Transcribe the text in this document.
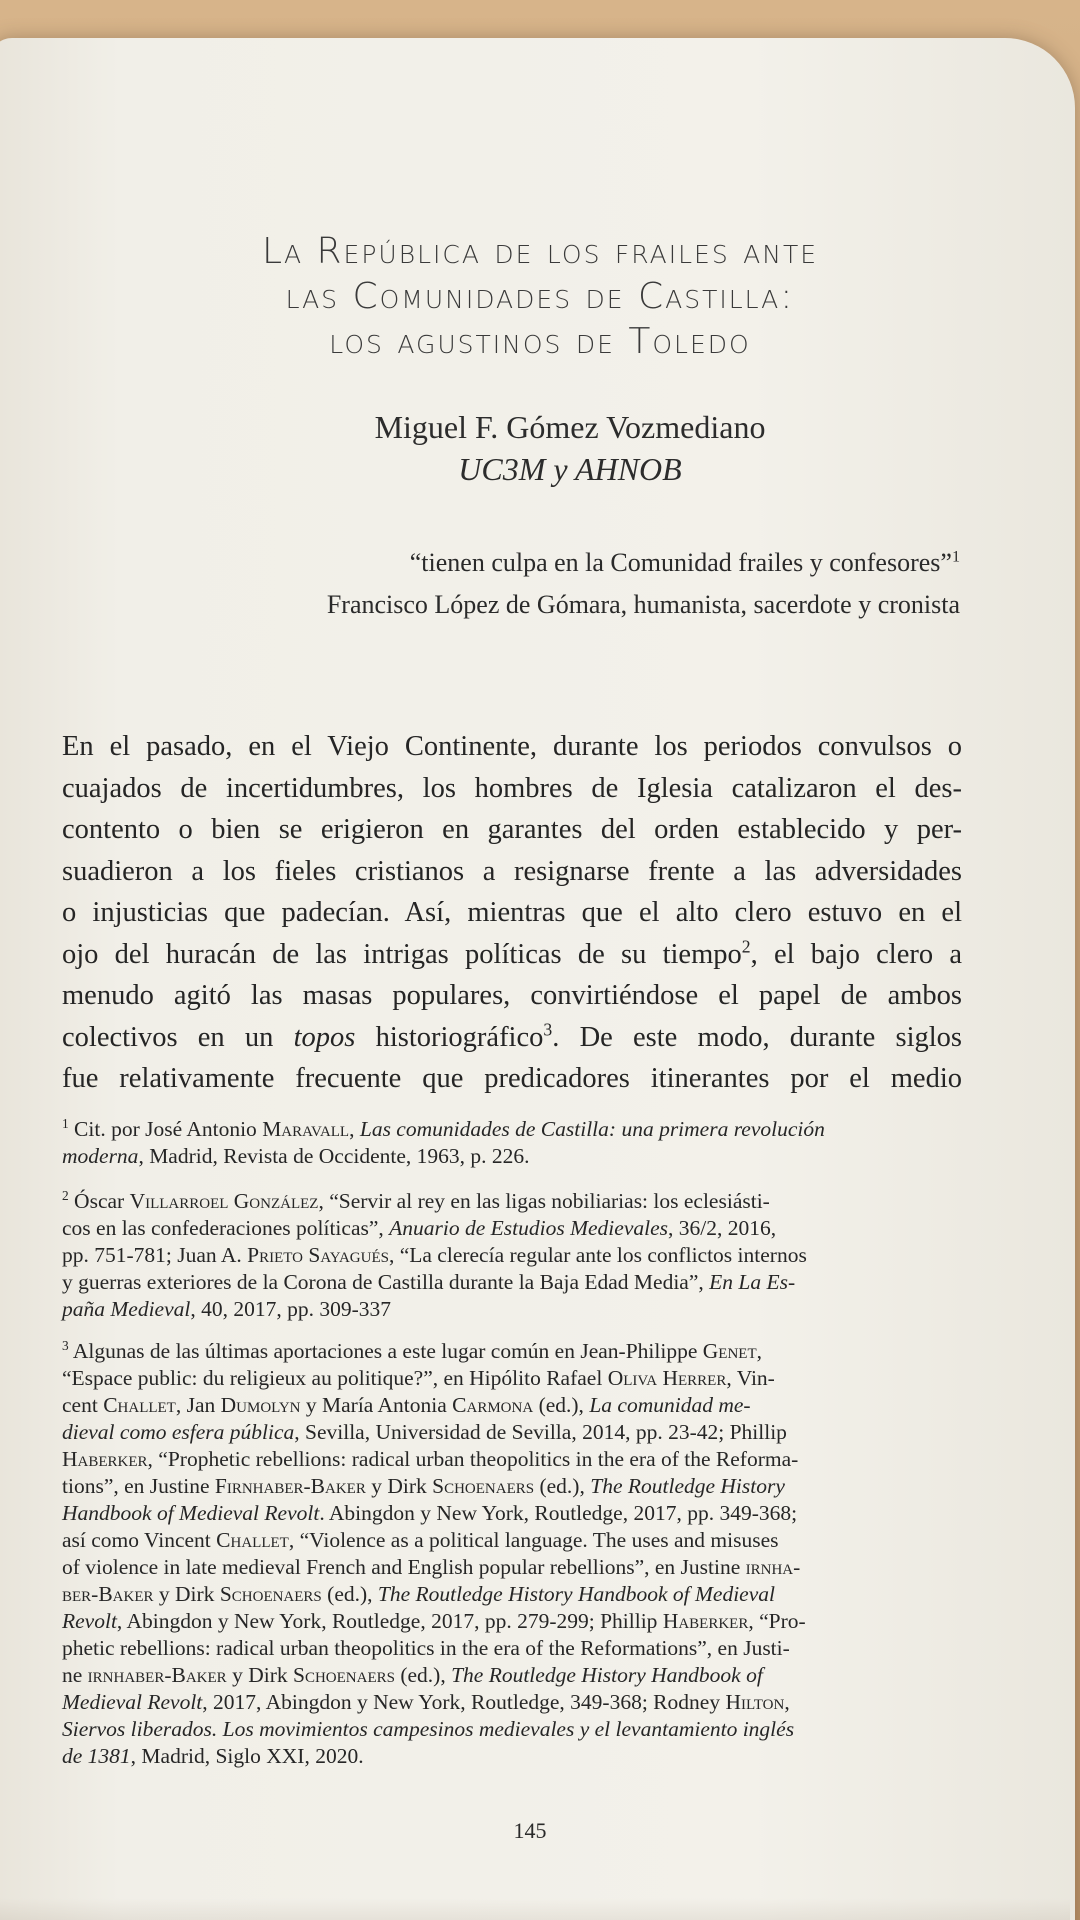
La República de los frailes ante
las Comunidades de Castilla:
los agustinos de Toledo
Miguel F. Gómez Vozmediano
UC3M y AHNOB
“tienen culpa en la Comunidad frailes y confesores”$^1$
Francisco López de Gómara, humanista, sacerdote y cronista
En el pasado, en el Viejo Continente, durante los periodos convulsos o
cuajados de incertidumbres, los hombres de Iglesia catalizaron el des-
contento o bien se erigieron en garantes del orden establecido y per-
suadieron a los fieles cristianos a resignarse frente a las adversidades
o injusticias que padecían. Así, mientras que el alto clero estuvo en el
ojo del huracán de las intrigas políticas de su tiempo$^2$, el bajo clero a
menudo agitó las masas populares, convirtiéndose el papel de ambos
colectivos en un topos historiográfico$^3$. De este modo, durante siglos
fue relativamente frecuente que predicadores itinerantes por el medio
$^1$ Cit. por José Antonio Maravall, Las comunidades de Castilla: una primera revolución
moderna, Madrid, Revista de Occidente, 1963, p. 226.
$^2$ Óscar Villarroel González, “Servir al rey en las ligas nobiliarias: los eclesiásti-
cos en las confederaciones políticas”, Anuario de Estudios Medievales, 36/2, 2016,
pp. 751-781; Juan A. Prieto Sayagués, “La clerecía regular ante los conflictos internos
y guerras exteriores de la Corona de Castilla durante la Baja Edad Media”, En La Es-
paña Medieval, 40, 2017, pp. 309-337
$^3$ Algunas de las últimas aportaciones a este lugar común en Jean-Philippe Genet,
“Espace public: du religieux au politique?”, en Hipólito Rafael Oliva Herrer, Vin-
cent Challet, Jan Dumolyn y María Antonia Carmona (ed.), La comunidad me-
dieval como esfera pública, Sevilla, Universidad de Sevilla, 2014, pp. 23-42; Phillip
Haberker, “Prophetic rebellions: radical urban theopolitics in the era of the Reforma-
tions”, en Justine Firnhaber-Baker y Dirk Schoenaers (ed.), The Routledge History
Handbook of Medieval Revolt. Abingdon y New York, Routledge, 2017, pp. 349-368;
así como Vincent Challet, “Violence as a political language. The uses and misuses
of violence in late medieval French and English popular rebellions”, en Justine irnha-
ber-Baker y Dirk Schoenaers (ed.), The Routledge History Handbook of Medieval
Revolt, Abingdon y New York, Routledge, 2017, pp. 279-299; Phillip Haberker, “Pro-
phetic rebellions: radical urban theopolitics in the era of the Reformations”, en Justi-
ne irnhaber-Baker y Dirk Schoenaers (ed.), The Routledge History Handbook of
Medieval Revolt, 2017, Abingdon y New York, Routledge, 349-368; Rodney Hilton,
Siervos liberados. Los movimientos campesinos medievales y el levantamiento inglés
de 1381, Madrid, Siglo XXI, 2020.
145
